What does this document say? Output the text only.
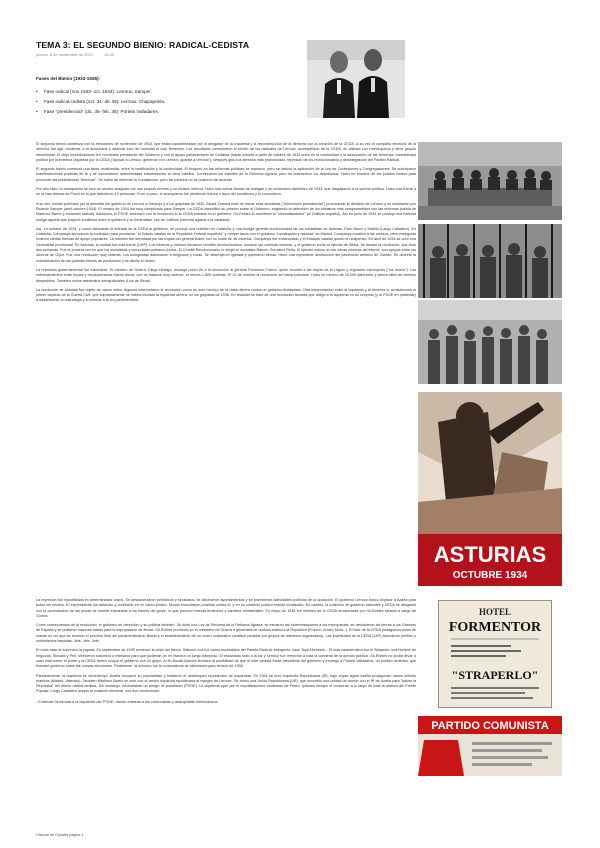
TEMA 3: EL SEGUNDO BIENIO: RADICAL-CEDISTA
jueves, 8 de noviembre de 2021	13:49
Fases del Bienio (1933-1936):
• Fase radical (nov 1933- oct. 1934): Lerroux, Samper.
• Fase radical-cedista (oct. 34- dic 35): Lerroux, Chapaprieta.
• Fase "presidencial" (dic. 35- feb. 36): Portela Valladares.

El segundo bienio comienza con la elecciones de noviembre de 1933, que están caracterizadas por el desgaste de la izquierda y la reconstrucción de la derecha con la creación de la CEDA. A su vez la campaña electoral de la derecha fue ágil, moderna, a la americana y además tuvo de novedad el voto femenino. Los resultados consumaron el triunfo de los radicales de Lerroux, acompañado de la CEDA, en alianza con monárquicos y otros grupos derechistas. El viejo republicanismo fue nombrado presidente del Gobierno y con el apoyo parlamentario de Cedistas (hasta octubre a partir de octubre de 1934 entra en la continuidad y la suavización de las reformas, inestabilidad política por la extrema izquierda por la CEDA ("apoyar a Lerroux, gobernar con Lerroux, apartar a Lerroux"); después gira a la derecha más pronunciado, represión de los revolucionarios y desintegración del Partido Radical.

El segundo bienio comenzó una tarea revisionista, entre la rectificación y la continuidad. El bloqueo en las reformas políticas se mantuvo, pero se detuvo la aplicación de la Ley de Confesiones y Congregaciones. Se autorizaron manifestaciones políticas de fe y se concedieron determinadas subvenciones al clero católico. Continuaron los trámites de la Reforma Agraria, pero se autorizaron los desahucios. Hubo un enorme de los jurados mixtos para promover las presidencias "técnicas". Se habló de reformar la Constitución, pero los partidos no se pusieron de acuerdo.

Por otro lado, el anarquismo se hizo un severo desgaste por sus propios errores y su división interna. Hubo una nueva oleada de huelgas y en noviembre-diciembre de 1933, que disgustaron a la opinión pública. Hubo una fuerte a en la vías férreas de Puzol en la que fallecieron 19 personas. Poco a poco, el anarquismo fue perdiendo fuerza a favor del socialismo y el comunismo.

A su vez, existió polémica por la amnistía del gobierno de Lerroux a Sanjurjo y a los golpistas de 1932. Alcalá Zamora trató de frenar esas amnistías ("intromisión presidencial") provocando la dimisión de Lerroux y su sustitución por Ricardo Samper (abril-octubre 1934). El verano de 1934 fue muy complicado para Samper. La CEDA intensificó su presión sobre el Gobierno, exigiendo la detención de los ministros más comprometidos con las reformas (salida de Martínez Barrio y exclusión radical). Asimismo, el PSOE amenazó con la revolución si la CEDA entraba en el gobierno. Gil-Robles lo manifestó al "clericalfascismo" (el Dollfuss español). Así en junio de 1934 se produjo una violenta huelga agraria que propició conflictos entre el gobierno y la Generalitat: Ley de Cultivos (reforma agraria a la catalana).

Así, en octubre de 1934, y como detonante la entrada de la CEDA al gobierno, se produjo una rebelión en Cataluña y una huelga general revolucionaria de los socialistas en Asturias, País Vasco y Madrid (Largo Caballero). En Cataluña, Companys aprovechó la confusión para proclamar "el Estado catalán en la República Federal española" y romper lazos con el gobierno "monárquico y fascista" de Madrid. Companys movilizó a los mossos, pero enseguida vinieron ciertas fuerzas de apoyo populares. La rebelión fue derrotada por las tropas del general Batet, con un coste de 46 muertos. Companys fue encarcelado y el Estatuto catalán quedó en suspenso. En abril de 1934 se creó una Generalitat provisional. En Asturias, la unidad fue más fuerte (UHP). Los mineros y obreros formaron comités revolucionarios, tomaron las cuencas mineras, y el gobierno envió al ejército de África. Se desató la revolución, que duró dos semanas. Fue la primera vez en que los socialistas y comunistas pelearon juntos. El Comité Revolucionario lo dirigió el socialista Ramón González Peña. El ejército estuvo en las zonas mineras del interior, con apoyos entre los obreros de Gijón. Fue una revolución muy violenta. Los huelguistas asesinaron a religiosos y curas. Se destruyeron iglesias y quemaron tierras. Hubo una importante destrucción del patrimonio artístico de Oviedo. Se decretó la colectivización de las grandes bienes de producción y se abolió el dinero.

La represión gubernamental fue fulminante. El ministro de Guerra, Diego Hidalgo, encargó poner fin a la revolución al general Francisco Franco, quien recurrió a las tropas de la Legión y regulares marroquíes ("los moros"). Los enfrentamientos entre tropas y revolucionarios fueron duros, con un balance muy cruento, al menos 1.500 víctimas. El 20 de octubre la revolución se había sofocado. Hubo un mínimo de 15.000 detenidos y varios miles de obreros despedidos. También varios asesinatos extrajudiciales (Luis de Sirval).

La revolución de Asturias fue objeto de varios mitos. Algunos interpretaron la revolución como un acto heroico de la clase obrera contra un gobierno filofascista. Otra interpretación entre la izquierda y la derecha lo consideraron el primer capítulo de la Guerra Civil, que supuestamente se habría iniciado la izquierda obrera, no los golpistas de 1936. En realidad se trató de una revolución armada que obligó a la izquierda en su conjunto (y al PSOE en particular) a replantearse su estrategia y a retornar a la vía parlamentaria.

La represión fue injustificada en determinados casos. Se desautorizaron periódicos y sindicatos, se disolvieron ayuntamientos y se prohibieron actividades políticas de la oposición. El gobierno Lerroux buscó implicar a Azaña para todos los medios. El expresidente fue detenido y confinado en un barco-prisión. Nunca encontraron pruebas contra él, y en un contexto político resultó fortalecido. En cambio, la coalición de gobierno radicales y CEDA se desgastó con la conmutación de las penas de muerte impuestas a los líderes del golpe, lo que provocó nuevas tensiones y cambios ministeriales. En mayo de 1935 fue ministro de la CEDA encabezada por Gil-Robles situado a cargo de Guerra.

Como consecuencia de la revolución, el gobierno se derechizó y su política también. Se dictó una Ley de Reforma de la Reforma Agraria: se elevaron las indemnizaciones a los expropiados, se devolvieron las tierras a los Grandes de España y se pusieron mayores trabas para la expropiación de fincas. Gil-Robles promovió en el ministerio de Guerra a generales de dudosa lealtad a la República (Franco, Godet, Mola...). El líder de la CEDA protagonizó actos de masas en los que se anunció el próximo final del parlamentarismo liberal y el establecimiento de un orden corporativo (sustituir partidos por grupos de intereses organizados). Las juventudes de la CEDA (JAP) asumieron perfiles y simbolismos fascistas: Jefe, Jefe, Jefe.

En todo caso le sobrevinó la jugada. En septiembre de 1935 comenzó la crisis del bienio. Salieron a la luz varios escándalos del Partido Radical: estraperlo, caso Tayá-Nombela... El más característico fue el Straperlo: una hombre de negocios, Strauss y Perl, ofrecieron sobornos a ministros para que pudieran un en marcha un juego tramposo. El escándalo salió a la luz y Lerroux fue removido a toda la condena de la opinión pública. Gil-Robles no podía llevar a cabo este sobre el poder y la CEDA deseó ocupar el gobierno con un golpe. Al fin Alcalá-Zamora rechazó la posibilidad de que el líder cedista fuese presidente del gobierno y encargó a Portela Valladares, un político centrista, que formase gobierno hasta las nuevas elecciones. Finalmente, la solución fue la convocatoria de elecciones para febrero de 1936.

Paralelamente, la izquierda se reconstruyó. Azaña recuperó su popularidad y fortaleció el desbloqueo republicano de izquierdas. En 1934 se creó Izquierda Republicana (IR), bajo cuyas siglas Azaña protagonizó varios mítines masivos (Madrid, Valencia). También Martínez Barrio se unió con el centro izquierda republicana al margen de Lerroux. Se formó una Unión Republicana (UR), que suscribió una unidad de acción con el IR de Azaña para "salvar la República" del bienio radical-cedista. Sin embargo, necesitaban un amigo: el socialismo (PSOE). La izquierda optó por el republicanismo moderado de Prieto, quienes ensayó el consenso a lo largo de toda la alianza del Frente Popular. Largo Caballero aceptó la coalición electoral, con dos condiciones:

- Extender la mirada a la izquierda del PSOE, dando entrada a los comunistas y anarquistas heterodoxos.
ASTURIAS
OCTUBRE 1934
HOTEL
FORMENTOR
"STRAPERLO"
PARTIDO COMUNISTA
Historia de España página 1
